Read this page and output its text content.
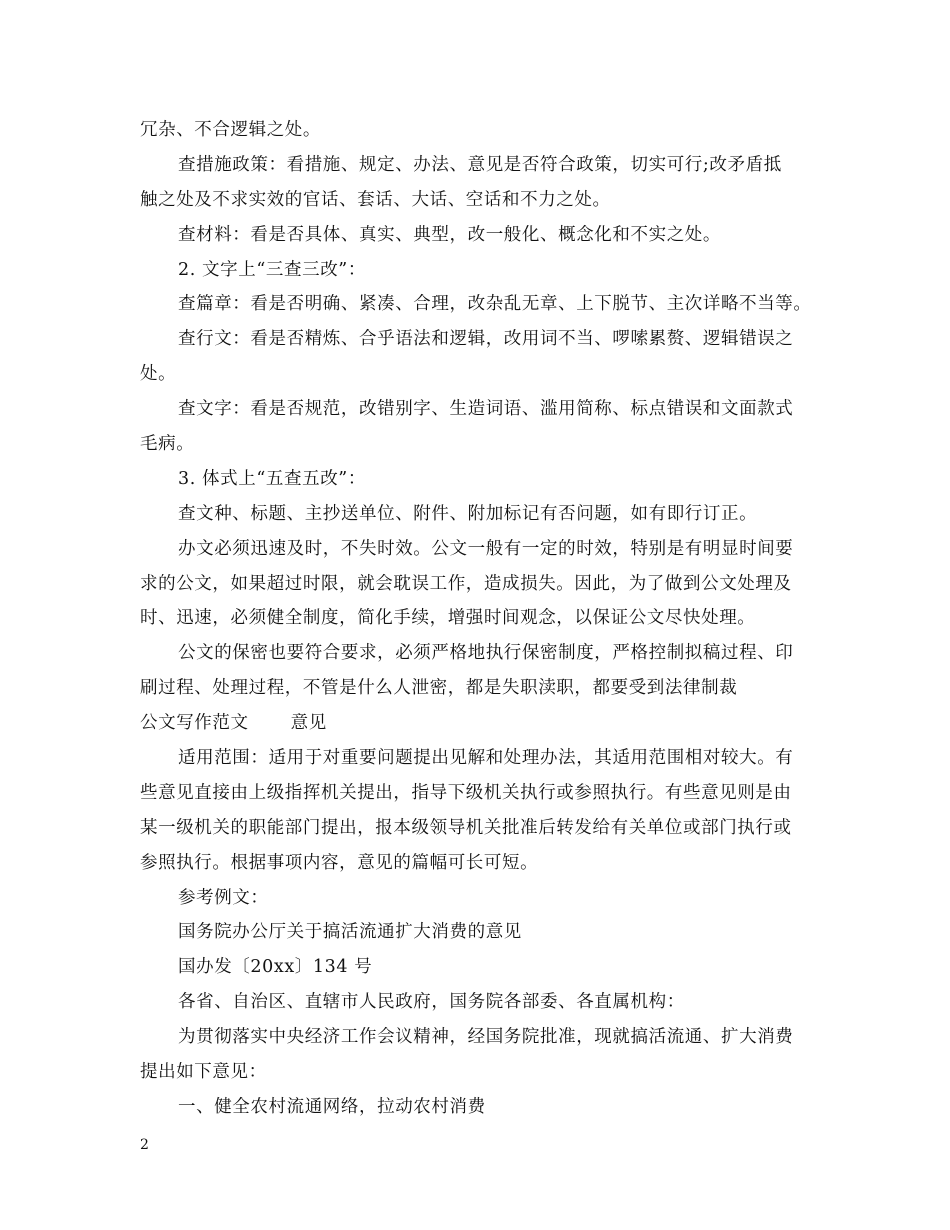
冗杂、不合逻辑之处。
查措施政策：看措施、规定、办法、意见是否符合政策，切实可行;改矛盾抵
触之处及不求实效的官话、套话、大话、空话和不力之处。
查材料：看是否具体、真实、典型，改一般化、概念化和不实之处。
2. 文字上“三查三改”：
查篇章：看是否明确、紧凑、合理，改杂乱无章、上下脱节、主次详略不当等。
查行文：看是否精炼、合乎语法和逻辑，改用词不当、啰嗦累赘、逻辑错误之
处。
查文字：看是否规范，改错别字、生造词语、滥用简称、标点错误和文面款式
毛病。
3. 体式上“五查五改”：
查文种、标题、主抄送单位、附件、附加标记有否问题，如有即行订正。
办文必须迅速及时，不失时效。公文一般有一定的时效，特别是有明显时间要
求的公文，如果超过时限，就会耽误工作，造成损失。因此，为了做到公文处理及
时、迅速，必须健全制度，简化手续，增强时间观念，以保证公文尽快处理。
公文的保密也要符合要求，必须严格地执行保密制度，严格控制拟稿过程、印
刷过程、处理过程，不管是什么人泄密，都是失职渎职，都要受到法律制裁
公文写作范文 意见
适用范围：适用于对重要问题提出见解和处理办法，其适用范围相对较大。有
些意见直接由上级指挥机关提出，指导下级机关执行或参照执行。有些意见则是由
某一级机关的职能部门提出，报本级领导机关批准后转发给有关单位或部门执行或
参照执行。根据事项内容，意见的篇幅可长可短。
参考例文：
国务院办公厅关于搞活流通扩大消费的意见
国办发〔20xx〕134 号
各省、自治区、直辖市人民政府，国务院各部委、各直属机构：
为贯彻落实中央经济工作会议精神，经国务院批准，现就搞活流通、扩大消费
提出如下意见：
一、健全农村流通网络，拉动农村消费
2
